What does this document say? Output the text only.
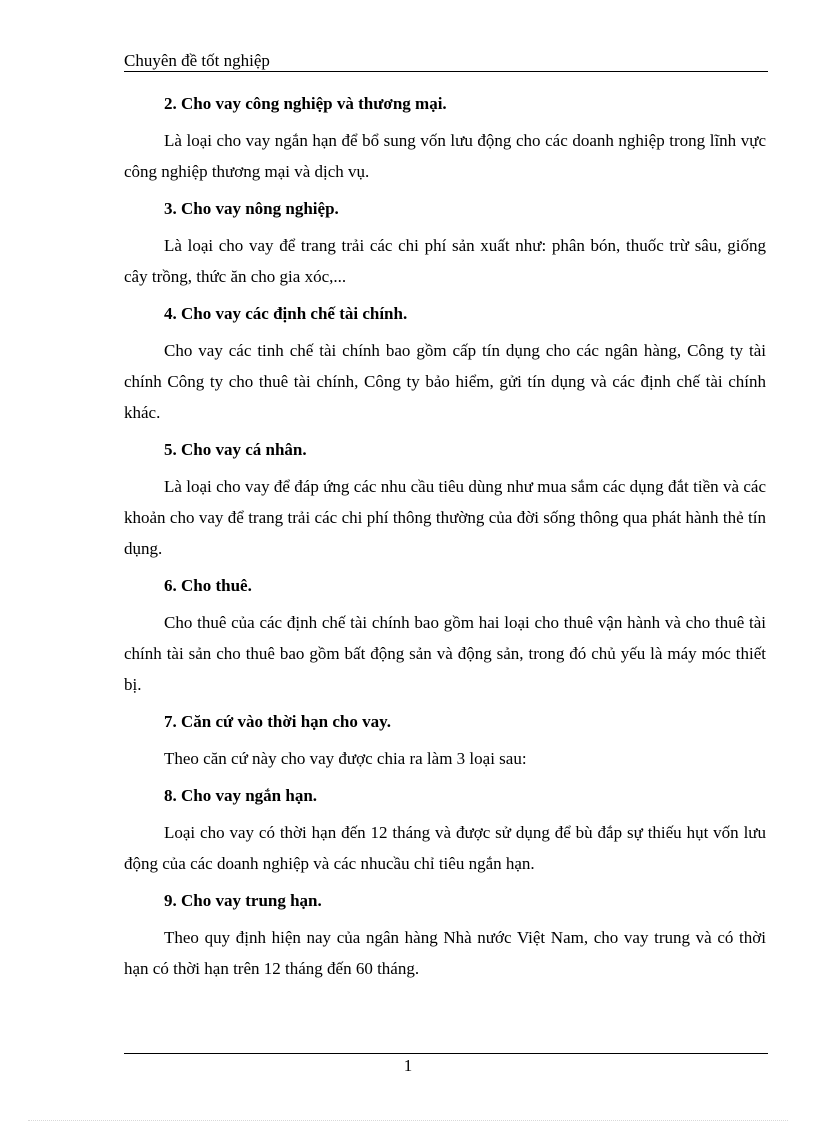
Chuyên đề tốt nghiệp
2. Cho vay công nghiệp và thương mại.

Là loại cho vay ngắn hạn để bổ sung vốn lưu động cho các doanh nghiệp trong lĩnh vực công nghiệp thương mại và dịch vụ.

3. Cho vay nông nghiệp.

Là loại cho vay để trang trải các chi phí sản xuất như: phân bón, thuốc trừ sâu, giống cây trồng, thức ăn cho gia xóc,...

4. Cho vay các định chế tài chính.

Cho vay các tinh chế tài chính bao gồm cấp tín dụng cho các ngân hàng, Công ty tài chính Công ty cho thuê tài chính, Công ty bảo hiểm, gửi tín dụng và các định chế tài chính khác.

5. Cho vay cá nhân.

Là loại cho vay để đáp ứng các nhu cầu tiêu dùng như mua sắm các dụng đắt tiền và các khoản cho vay để trang trải các chi phí thông thường của đời sống thông qua phát hành thẻ tín dụng.

6. Cho thuê.

Cho thuê của các định chế tài chính bao gồm hai loại cho thuê vận hành và cho thuê tài chính tài sản cho thuê bao gồm bất động sản và động sản, trong đó chủ yếu là máy móc thiết bị.

7. Căn cứ vào thời hạn cho vay.

Theo căn cứ này cho vay được chia ra làm 3 loại sau:

8. Cho vay ngắn hạn.

Loại cho vay có thời hạn đến 12 tháng và được sử dụng để bù đắp sự thiếu hụt vốn lưu động của các doanh nghiệp và các nhucầu chỉ tiêu ngắn hạn.

9. Cho vay trung hạn.

Theo quy định hiện nay của ngân hàng Nhà nước Việt Nam, cho vay trung và có thời hạn có thời hạn trên 12 tháng đến 60 tháng.

1
